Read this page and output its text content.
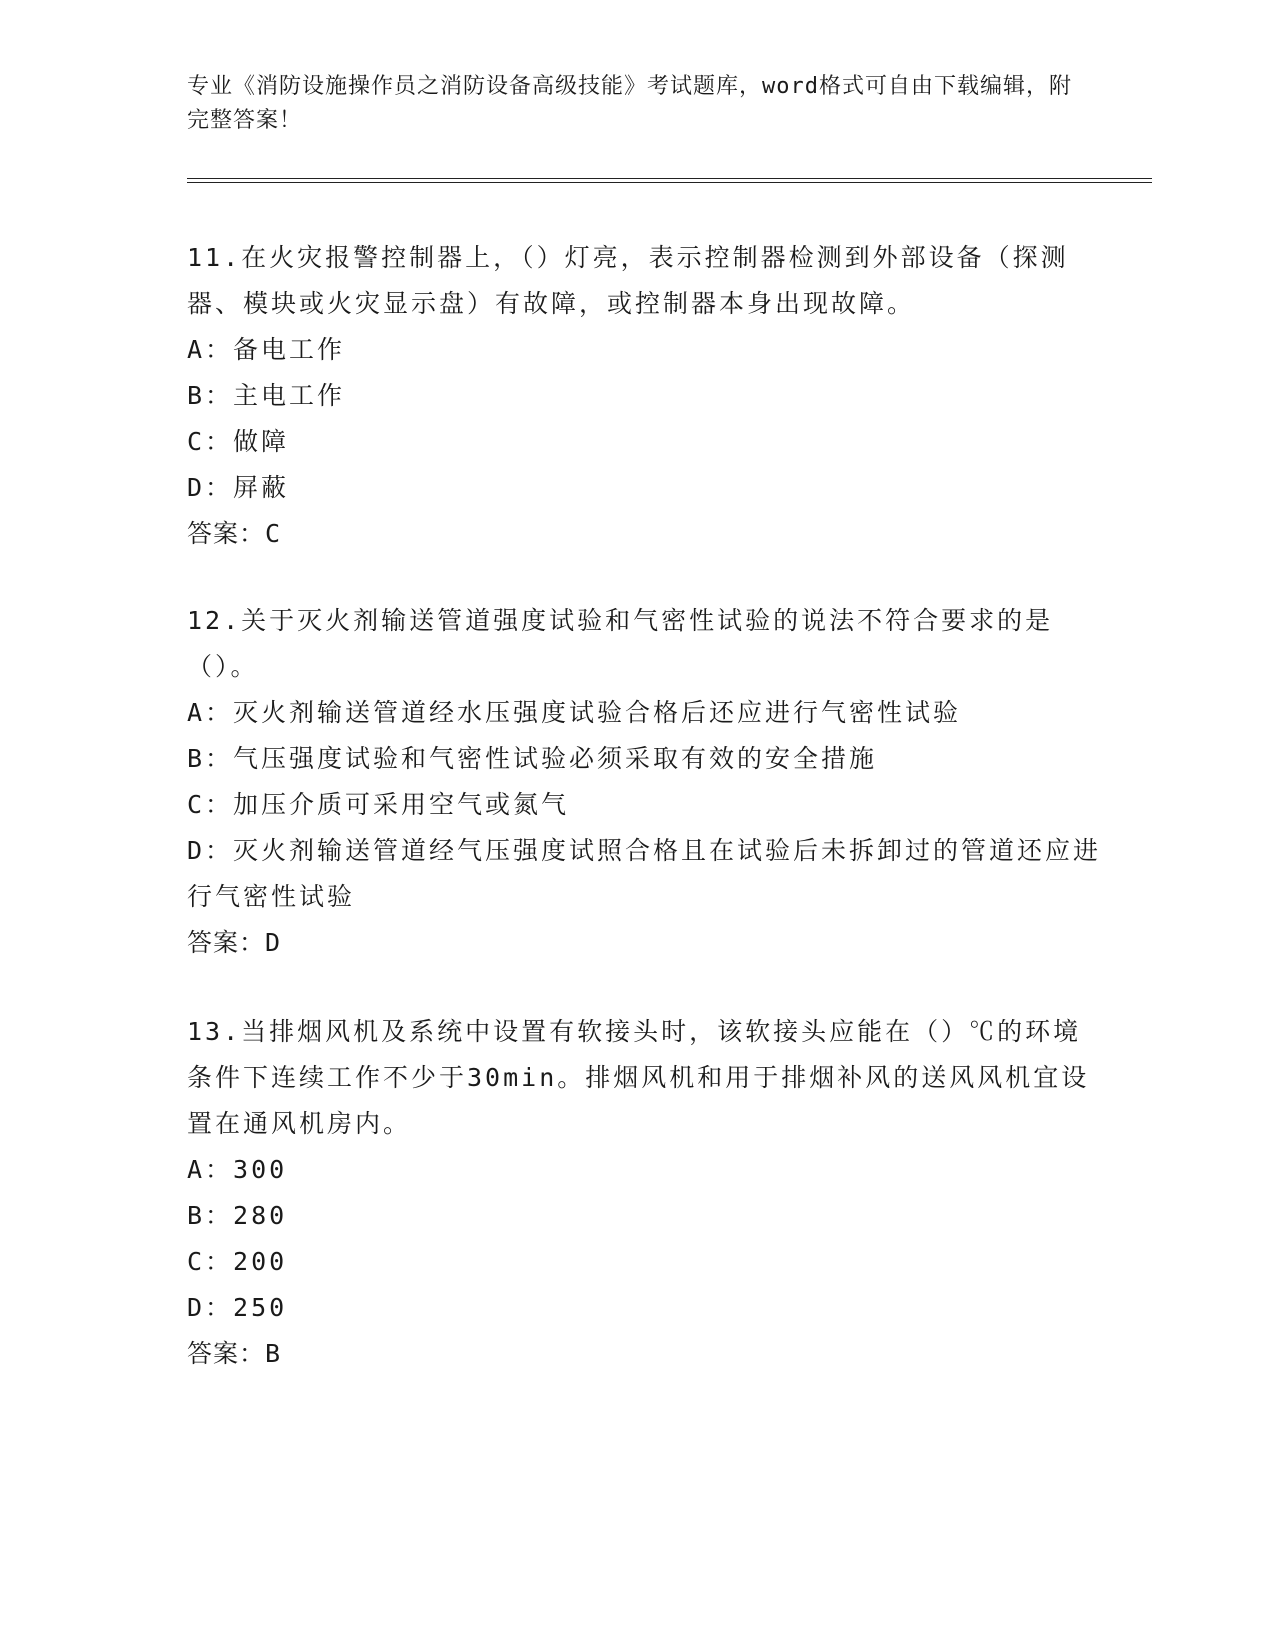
专业《消防设施操作员之消防设备高级技能》考试题库，word格式可自由下载编辑，附完整答案！

11.在火灾报警控制器上，（）灯亮，表示控制器检测到外部设备（探测器、模块或火灾显示盘）有故障，或控制器本身出现故障。

A：备电工作

B：主电工作

C：做障

D：屏蔽

答案：C

12.关于灭火剂输送管道强度试验和气密性试验的说法不符合要求的是（）。

A：灭火剂输送管道经水压强度试验合格后还应进行气密性试验

B：气压强度试验和气密性试验必须采取有效的安全措施

C：加压介质可采用空气或氮气

D：灭火剂输送管道经气压强度试照合格且在试验后未拆卸过的管道还应进行气密性试验

答案：D

13.当排烟风机及系统中设置有软接头时，该软接头应能在（）℃的环境条件下连续工作不少于30min。排烟风机和用于排烟补风的送风风机宜设置在通风机房内。

A：300

B：280

C：200

D：250

答案：B
